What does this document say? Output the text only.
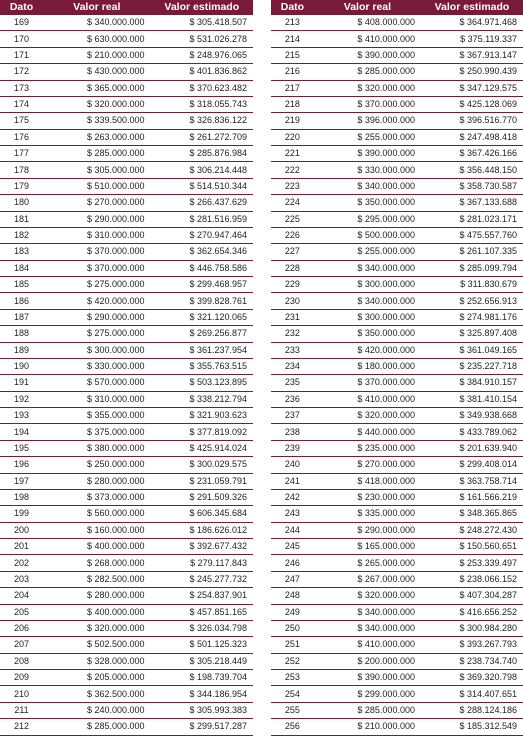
Dato	Valor real	Valor estimado
169	$ 340.000.000	$ 305.418.507
170	$ 630.000.000	$ 531.026.278
171	$ 210.000.000	$ 248.976.065
172	$ 430.000.000	$ 401.836.862
173	$ 365.000.000	$ 370.623.482
174	$ 320.000.000	$ 318.055.743
175	$ 339.500.000	$ 326.836.122
176	$ 263.000.000	$ 261.272.709
177	$ 285.000.000	$ 285.876.984
178	$ 305.000.000	$ 306.214.448
179	$ 510.000.000	$ 514.510.344
180	$ 270.000.000	$ 266.437.629
181	$ 290.000.000	$ 281.516.959
182	$ 310.000.000	$ 270.947.464
183	$ 370.000.000	$ 362.654.346
184	$ 370.000.000	$ 446.758.586
185	$ 275.000.000	$ 299.468.957
186	$ 420.000.000	$ 399.828.761
187	$ 290.000.000	$ 321.120.065
188	$ 275.000.000	$ 269.256.877
189	$ 300.000.000	$ 361.237.954
190	$ 330.000.000	$ 355.763.515
191	$ 570.000.000	$ 503.123.895
192	$ 310.000.000	$ 338.212.794
193	$ 355.000.000	$ 321.903.623
194	$ 375.000.000	$ 377.819.092
195	$ 380.000.000	$ 425.914.024
196	$ 250.000.000	$ 300.029.575
197	$ 280.000.000	$ 231.059.791
198	$ 373.000.000	$ 291.509.326
199	$ 560.000.000	$ 606.345.684
200	$ 160.000.000	$ 186.626.012
201	$ 400.000.000	$ 392.677.432
202	$ 268.000.000	$ 279.117.843
203	$ 282.500.000	$ 245.277.732
204	$ 280.000.000	$ 254.837.901
205	$ 400.000.000	$ 457.851.165
206	$ 320.000.000	$ 326.034.798
207	$ 502.500.000	$ 501.125.323
208	$ 328.000.000	$ 305.218.449
209	$ 205.000.000	$ 198.739.704
210	$ 362.500.000	$ 344.186.954
211	$ 240.000.000	$ 305.993.383
212	$ 285.000.000	$ 299.517.287
Dato	Valor real	Valor estimado
213	$ 408.000.000	$ 364.971.468
214	$ 410.000.000	$ 375.119.337
215	$ 390.000.000	$ 367.913.147
216	$ 285.000.000	$ 250.990.439
217	$ 320.000.000	$ 347.129.575
218	$ 370.000.000	$ 425.128.069
219	$ 396.000.000	$ 396.516.770
220	$ 255.000.000	$ 247.498.418
221	$ 390.000.000	$ 367.426.166
222	$ 330.000.000	$ 356.448.150
223	$ 340.000.000	$ 358.730.587
224	$ 350.000.000	$ 367.133.688
225	$ 295.000.000	$ 281.023.171
226	$ 500.000.000	$ 475.557.760
227	$ 255.000.000	$ 261.107.335
228	$ 340.000.000	$ 285.099.794
229	$ 300.000.000	$ 311.830.679
230	$ 340.000.000	$ 252.656.913
231	$ 300.000.000	$ 274.981.176
232	$ 350.000.000	$ 325.897.408
233	$ 420.000.000	$ 361.049.165
234	$ 180.000.000	$ 235.227.718
235	$ 370.000.000	$ 384.910.157
236	$ 410.000.000	$ 381.410.154
237	$ 320.000.000	$ 349.938.668
238	$ 440.000.000	$ 433.789.062
239	$ 235.000.000	$ 201.639.940
240	$ 270.000.000	$ 299.408.014
241	$ 418.000.000	$ 363.758.714
242	$ 230.000.000	$ 161.566.219
243	$ 335.000.000	$ 348.365.865
244	$ 290.000.000	$ 248.272.430
245	$ 165.000.000	$ 150.560.651
246	$ 265.000.000	$ 253.339.497
247	$ 267.000.000	$ 238.066.152
248	$ 320.000.000	$ 407.304.287
249	$ 340.000.000	$ 416.656.252
250	$ 340.000.000	$ 300.984.280
251	$ 410.000.000	$ 393.267.793
252	$ 200.000.000	$ 238.734.740
253	$ 390.000.000	$ 369.320.798
254	$ 299.000.000	$ 314.407.651
255	$ 285.000.000	$ 288.124.186
256	$ 210.000.000	$ 185.312.549
